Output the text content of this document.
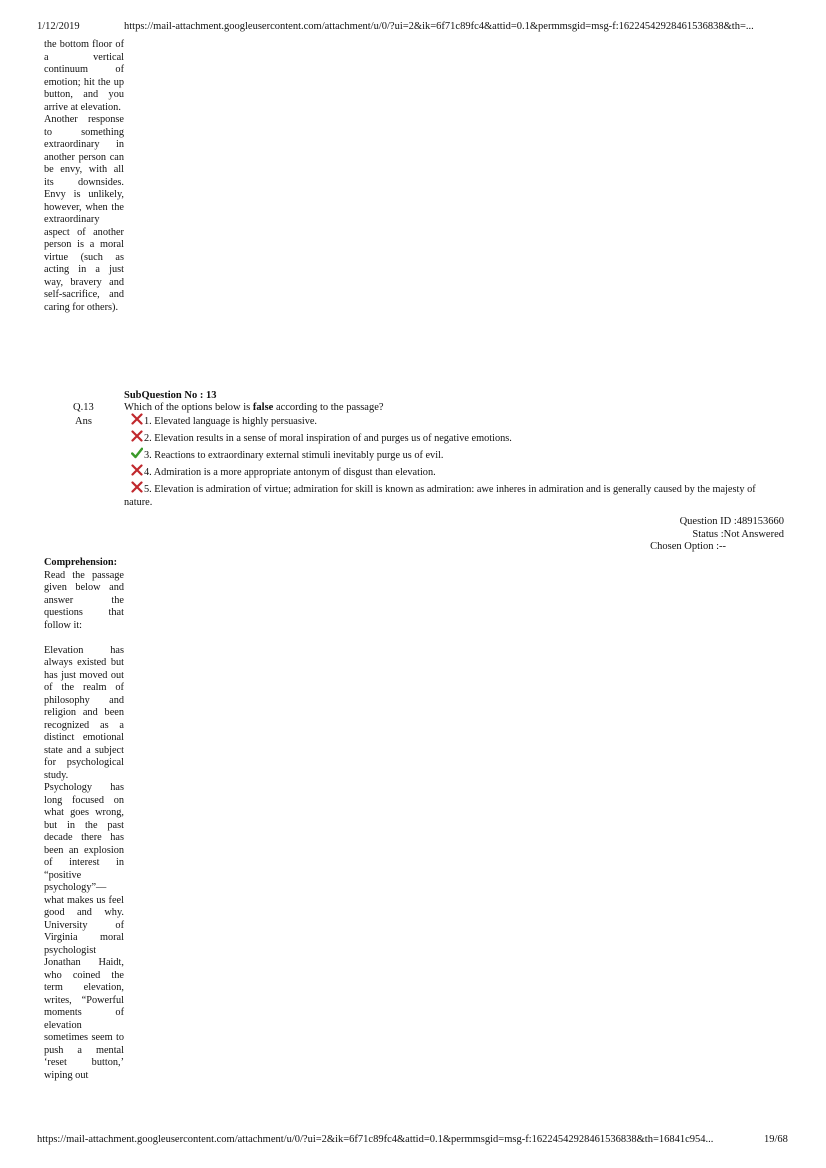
1/12/2019	https://mail-attachment.googleusercontent.com/attachment/u/0/?ui=2&ik=6f71c89fc4&attid=0.1&permmsgid=msg-f:16224542928461536838&th=...

the bottom floor of a vertical continuum of emotion; hit the up button, and you arrive at elevation.

Another response to something extraordinary in another person can be envy, with all its downsides. Envy is unlikely, however, when the extraordinary aspect of another person is a moral virtue (such as acting in a just way, bravery and self-sacrifice, and caring for others).

SubQuestion No : 13
Q.13
Ans
Which of the options below is false according to the passage?
1. Elevated language is highly persuasive.
2. Elevation results in a sense of moral inspiration of and purges us of negative emotions.
3. Reactions to extraordinary external stimuli inevitably purge us of evil.
4. Admiration is a more appropriate antonym of disgust than elevation.
5. Elevation is admiration of virtue; admiration for skill is known as admiration: awe inheres in admiration and is generally caused by the majesty of nature.
Question ID :489153660
Status :Not Answered
Chosen Option :--

Comprehension:

Read the passage given below and answer the questions that follow it:

Elevation has always existed but has just moved out of the realm of philosophy and religion and been recognized as a distinct emotional state and a subject for psychological study.

Psychology has long focused on what goes wrong, but in the past decade there has been an explosion of interest in “positive psychology”—what makes us feel good and why. University of Virginia moral psychologist Jonathan Haidt, who coined the term elevation, writes, “Powerful moments of elevation sometimes seem to push a mental ‘reset button,’ wiping out

https://mail-attachment.googleusercontent.com/attachment/u/0/?ui=2&ik=6f71c89fc4&attid=0.1&permmsgid=msg-f:16224542928461536838&th=16841c954...	19/68
